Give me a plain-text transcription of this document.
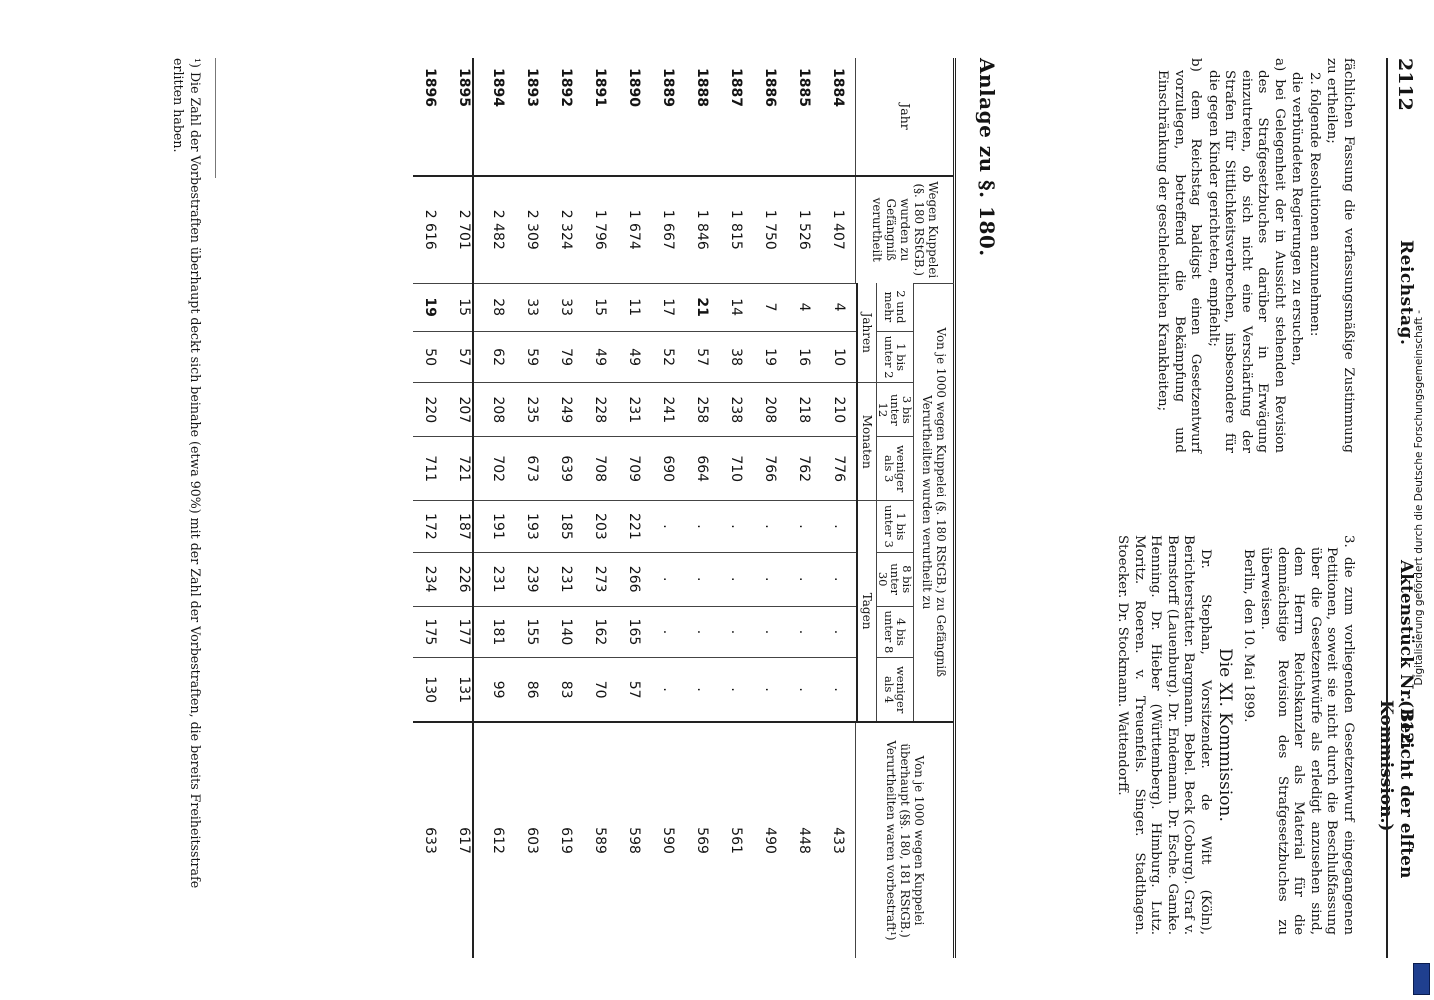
2112
Reichstag.
Aktenstück Nr. 312.
(Bericht der elften Kommission.)

fächlichen Fassung die verfassungsmäßige Zustimmung zu ertheilen;

2. folgende Resolutionen anzunehmen:

die verbündeten Regierungen zu ersuchen,

a) bei Gelegenheit der in Aussicht stehenden Revision des Strafgesetzbuches darüber in Erwägung einzutreten, ob sich nicht eine Verschärfung der Strafen für Sittlichkeitsverbrechen, insbesondere für die gegen Kinder gerichteten, empfiehlt;

b) dem Reichstag baldigst einen Gesetzentwurf vorzulegen, betreffend die Bekämpfung und Einschränkung der geschlechtlichen Krankheiten;

3. die zum vorliegenden Gesetzentwurf eingegangenen Petitionen, soweit sie nicht durch die Beschlußfassung über die Gesetzentwürfe als erledigt anzusehen sind, dem Herrn Reichskanzler als Material für die demnächstige Revision des Strafgesetzbuches zu überweisen.

Berlin, den 10. Mai 1899.

Die XI. Kommission.

Dr. Stephan, Vorsitzender. de Witt (Köln), Berichterstatter. Bargmann. Bebel. Beck (Coburg). Graf v. Bernstorff (Lauenburg). Dr. Endemann. Dr. Esche. Gamke. Henning. Dr. Hieber (Württemberg). Himburg. Lutz. Moritz. Roeren. v. Treuenfels. Singer. Stadthagen. Stoecker. Dr. Stockmann. Wattendorff.

Anlage zu §. 180.
Jahr	Wegen Kuppelei (§. 180 RStGB.) wurden zu Gefängniß verurtheilt	Von je 1000 wegen Kuppelei (§. 180 RStGB.) zu Gefängniß Verurtheilten wurden verurtheilt zu								Von je 1000 wegen Kuppelei überhaupt (§§. 180, 181 RStGB.) Verurtheilten waren vorbestraft¹)
		2 und mehr	1 bis unter 2	3 bis unter 12	weniger als 3	1 bis unter 3	8 bis unter 30	4 bis unter 8	weniger als 4	
		Jahren		Monaten		Tagen				

1884	1 407	4	10	210	776	.	.	.	.	433
1885	1 526	4	16	218	762	.	.	.	.	448
1886	1 750	7	19	208	766	.	.	.	.	490
1887	1 815	14	38	238	710	.	.	.	.	561
1888	1 846	21	57	258	664	.	.	.	.	569
1889	1 667	17	52	241	690	.	.	.	.	590
1890	1 674	11	49	231	709	221	266	165	57	598
1891	1 796	15	49	228	708	203	273	162	70	589
1892	2 324	33	79	249	639	185	231	140	83	619
1893	2 309	33	59	235	673	193	239	155	86	603
1894	2 482	28	62	208	702	191	231	181	99	612
1895	2 701	15	57	207	721	187	226	177	131	617
1896	2 616	19	50	220	711	172	234	175	130	633
¹) Die Zahl der Vorbestraften überhaupt deckt sich beinahe (etwa 90%) mit der Zahl der Vorbestraften, die bereits Freiheitsstrafe erlitten haben.
Digitalisierung gefördert durch die Deutsche Forschungsgemeinschaft -
